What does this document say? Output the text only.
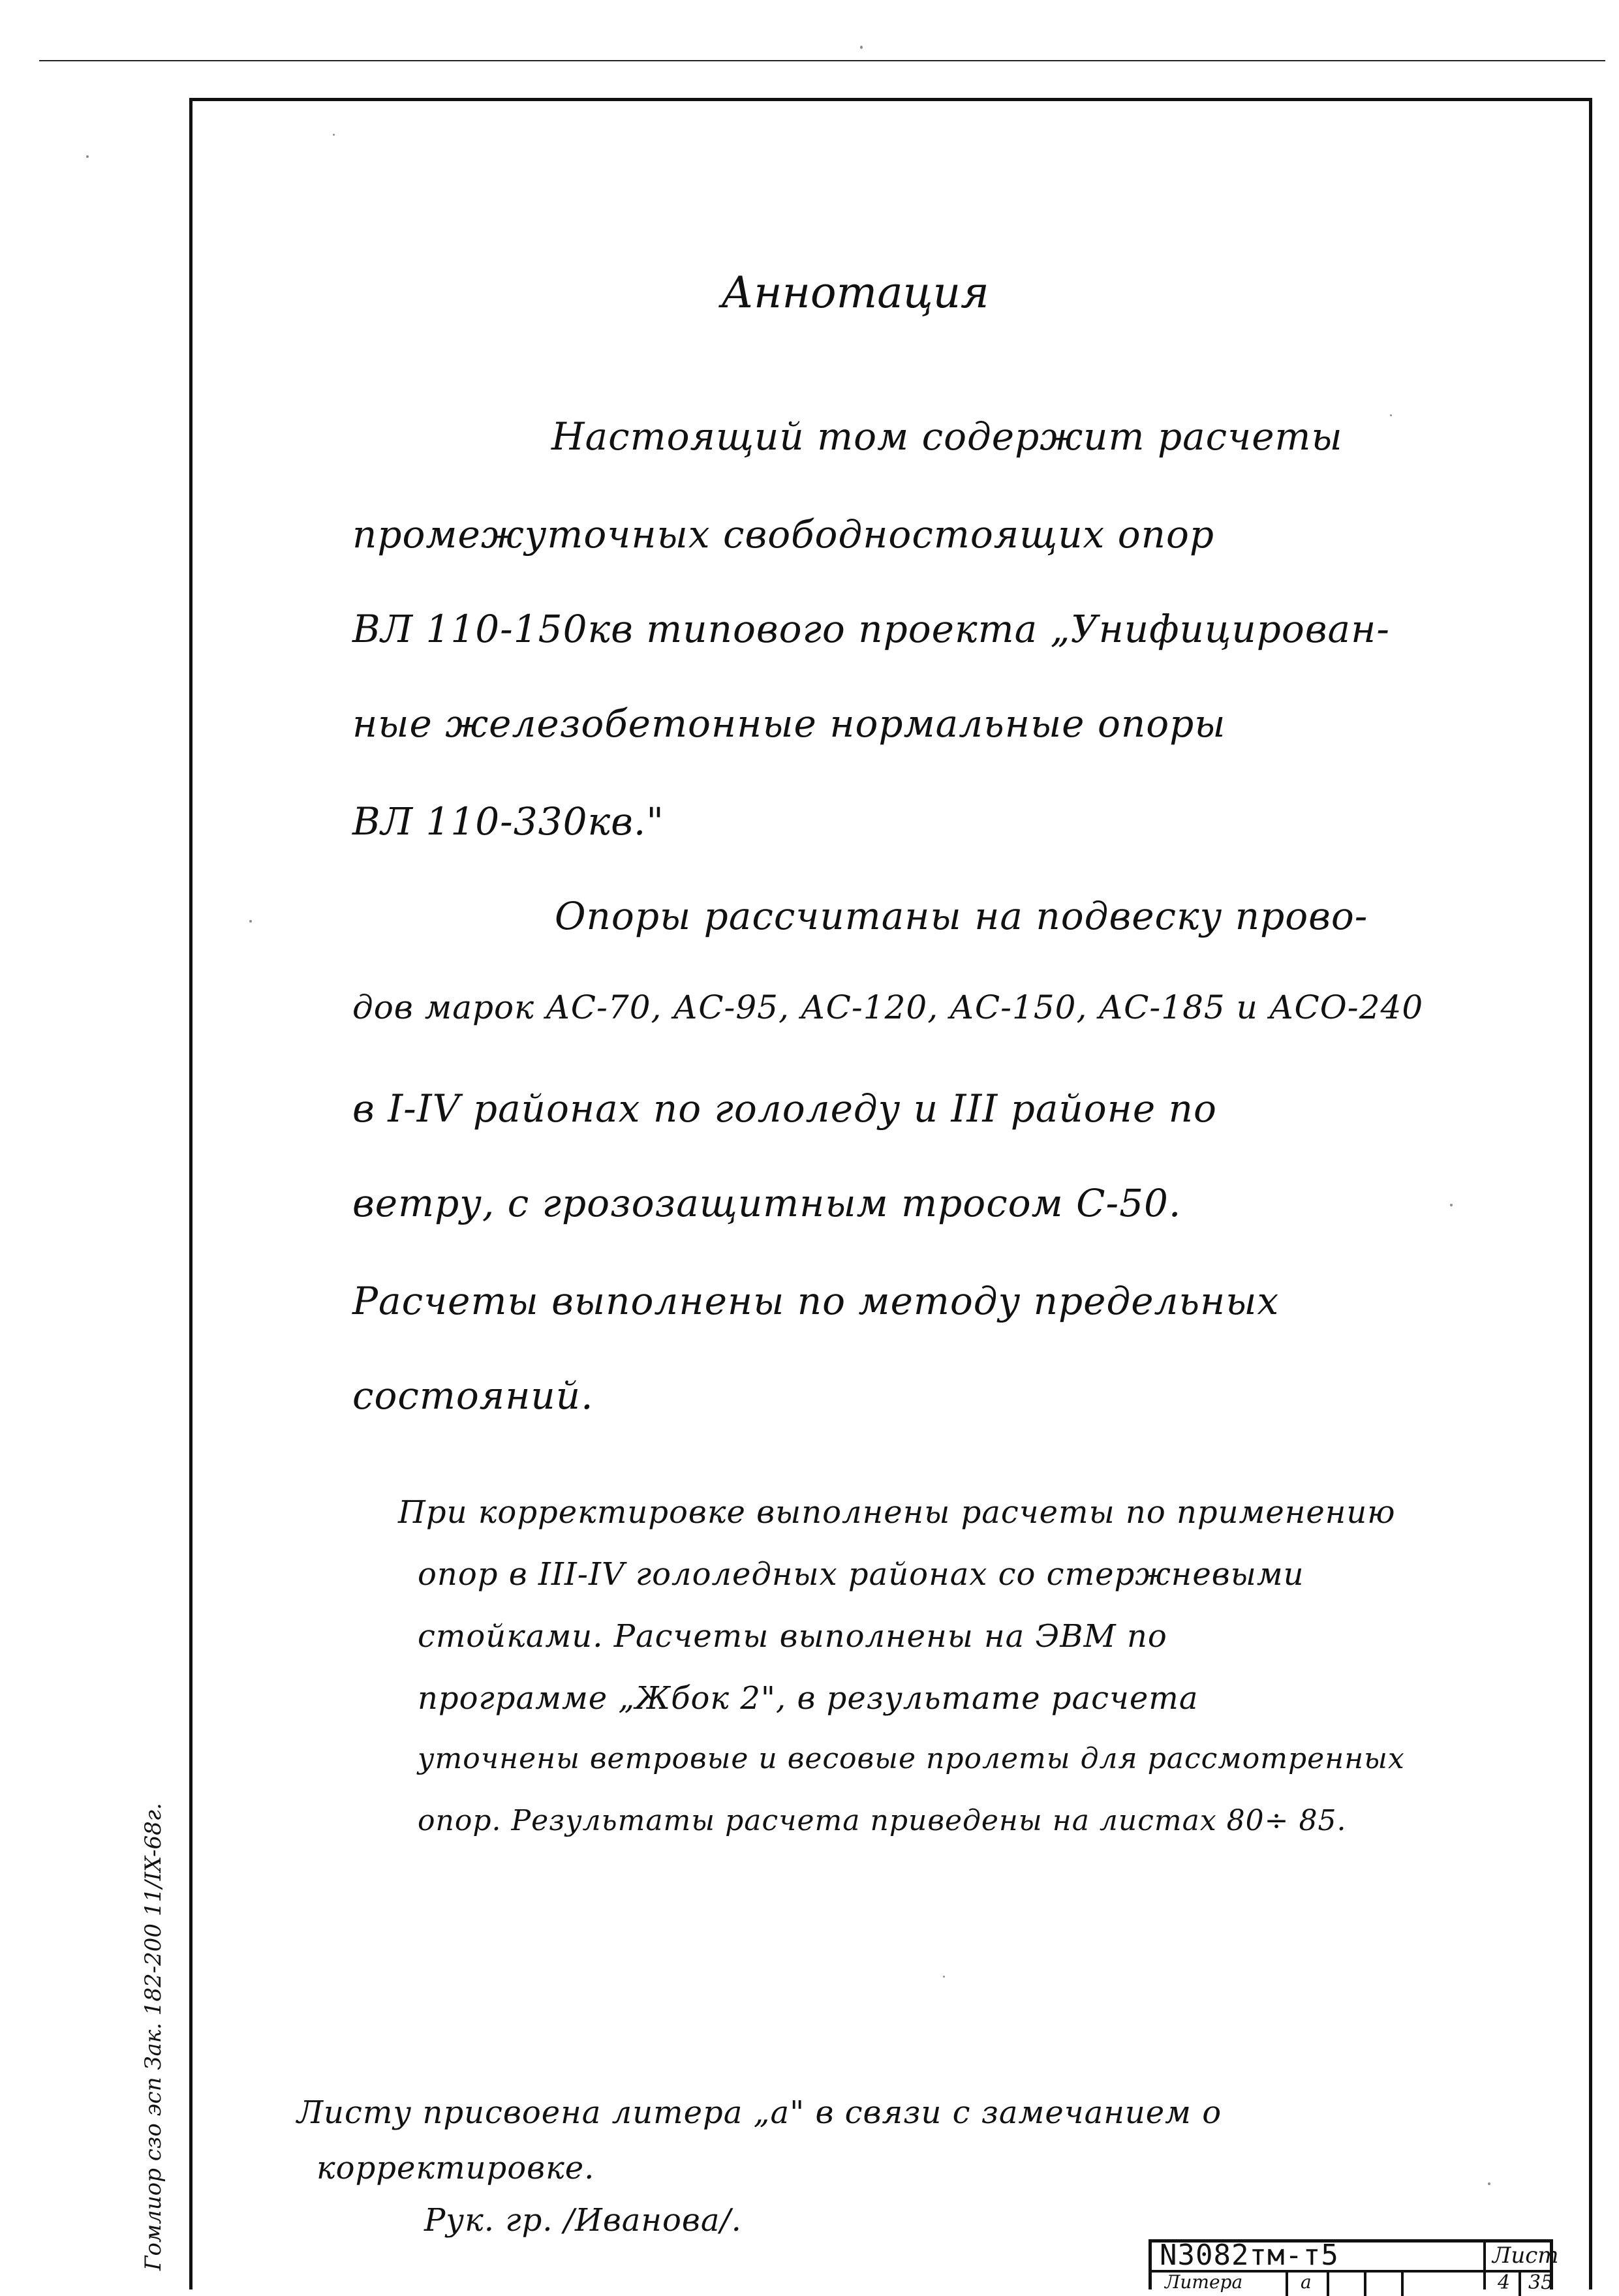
Аннотация
Настоящий том содержит расчеты
промежуточных свободностоящих опор
ВЛ 110-150кв типового проекта „Унифицирован-
ные железобетонные нормальные опоры
ВЛ 110-330кв."
Опоры рассчитаны на подвеску прово-
дов марок АС-70, АС-95, АС-120, АС-150, АС-185 и АСО-240
в I-IV районах по гололеду и III районе по
ветру, с грозозащитным тросом С-50.
Расчеты выполнены по методу предельных
состояний.
При корректировке выполнены расчеты по применению
опор в III-IV гололедных районах со стержневыми
стойками. Расчеты выполнены на ЭВМ по
программе „Жбок 2", в результате расчета
уточнены ветровые и весовые пролеты для рассмотренных
опор. Результаты расчета приведены на листах 80÷ 85.
Листу присвоена литера „а" в связи с замечанием о
корректировке.
Рук. гр. /Иванова/.
Гомлиор сзо эсп Зак. 182-200 11/IX-68г.	N3082тм-т5	Лист
Литера	а	4 35
